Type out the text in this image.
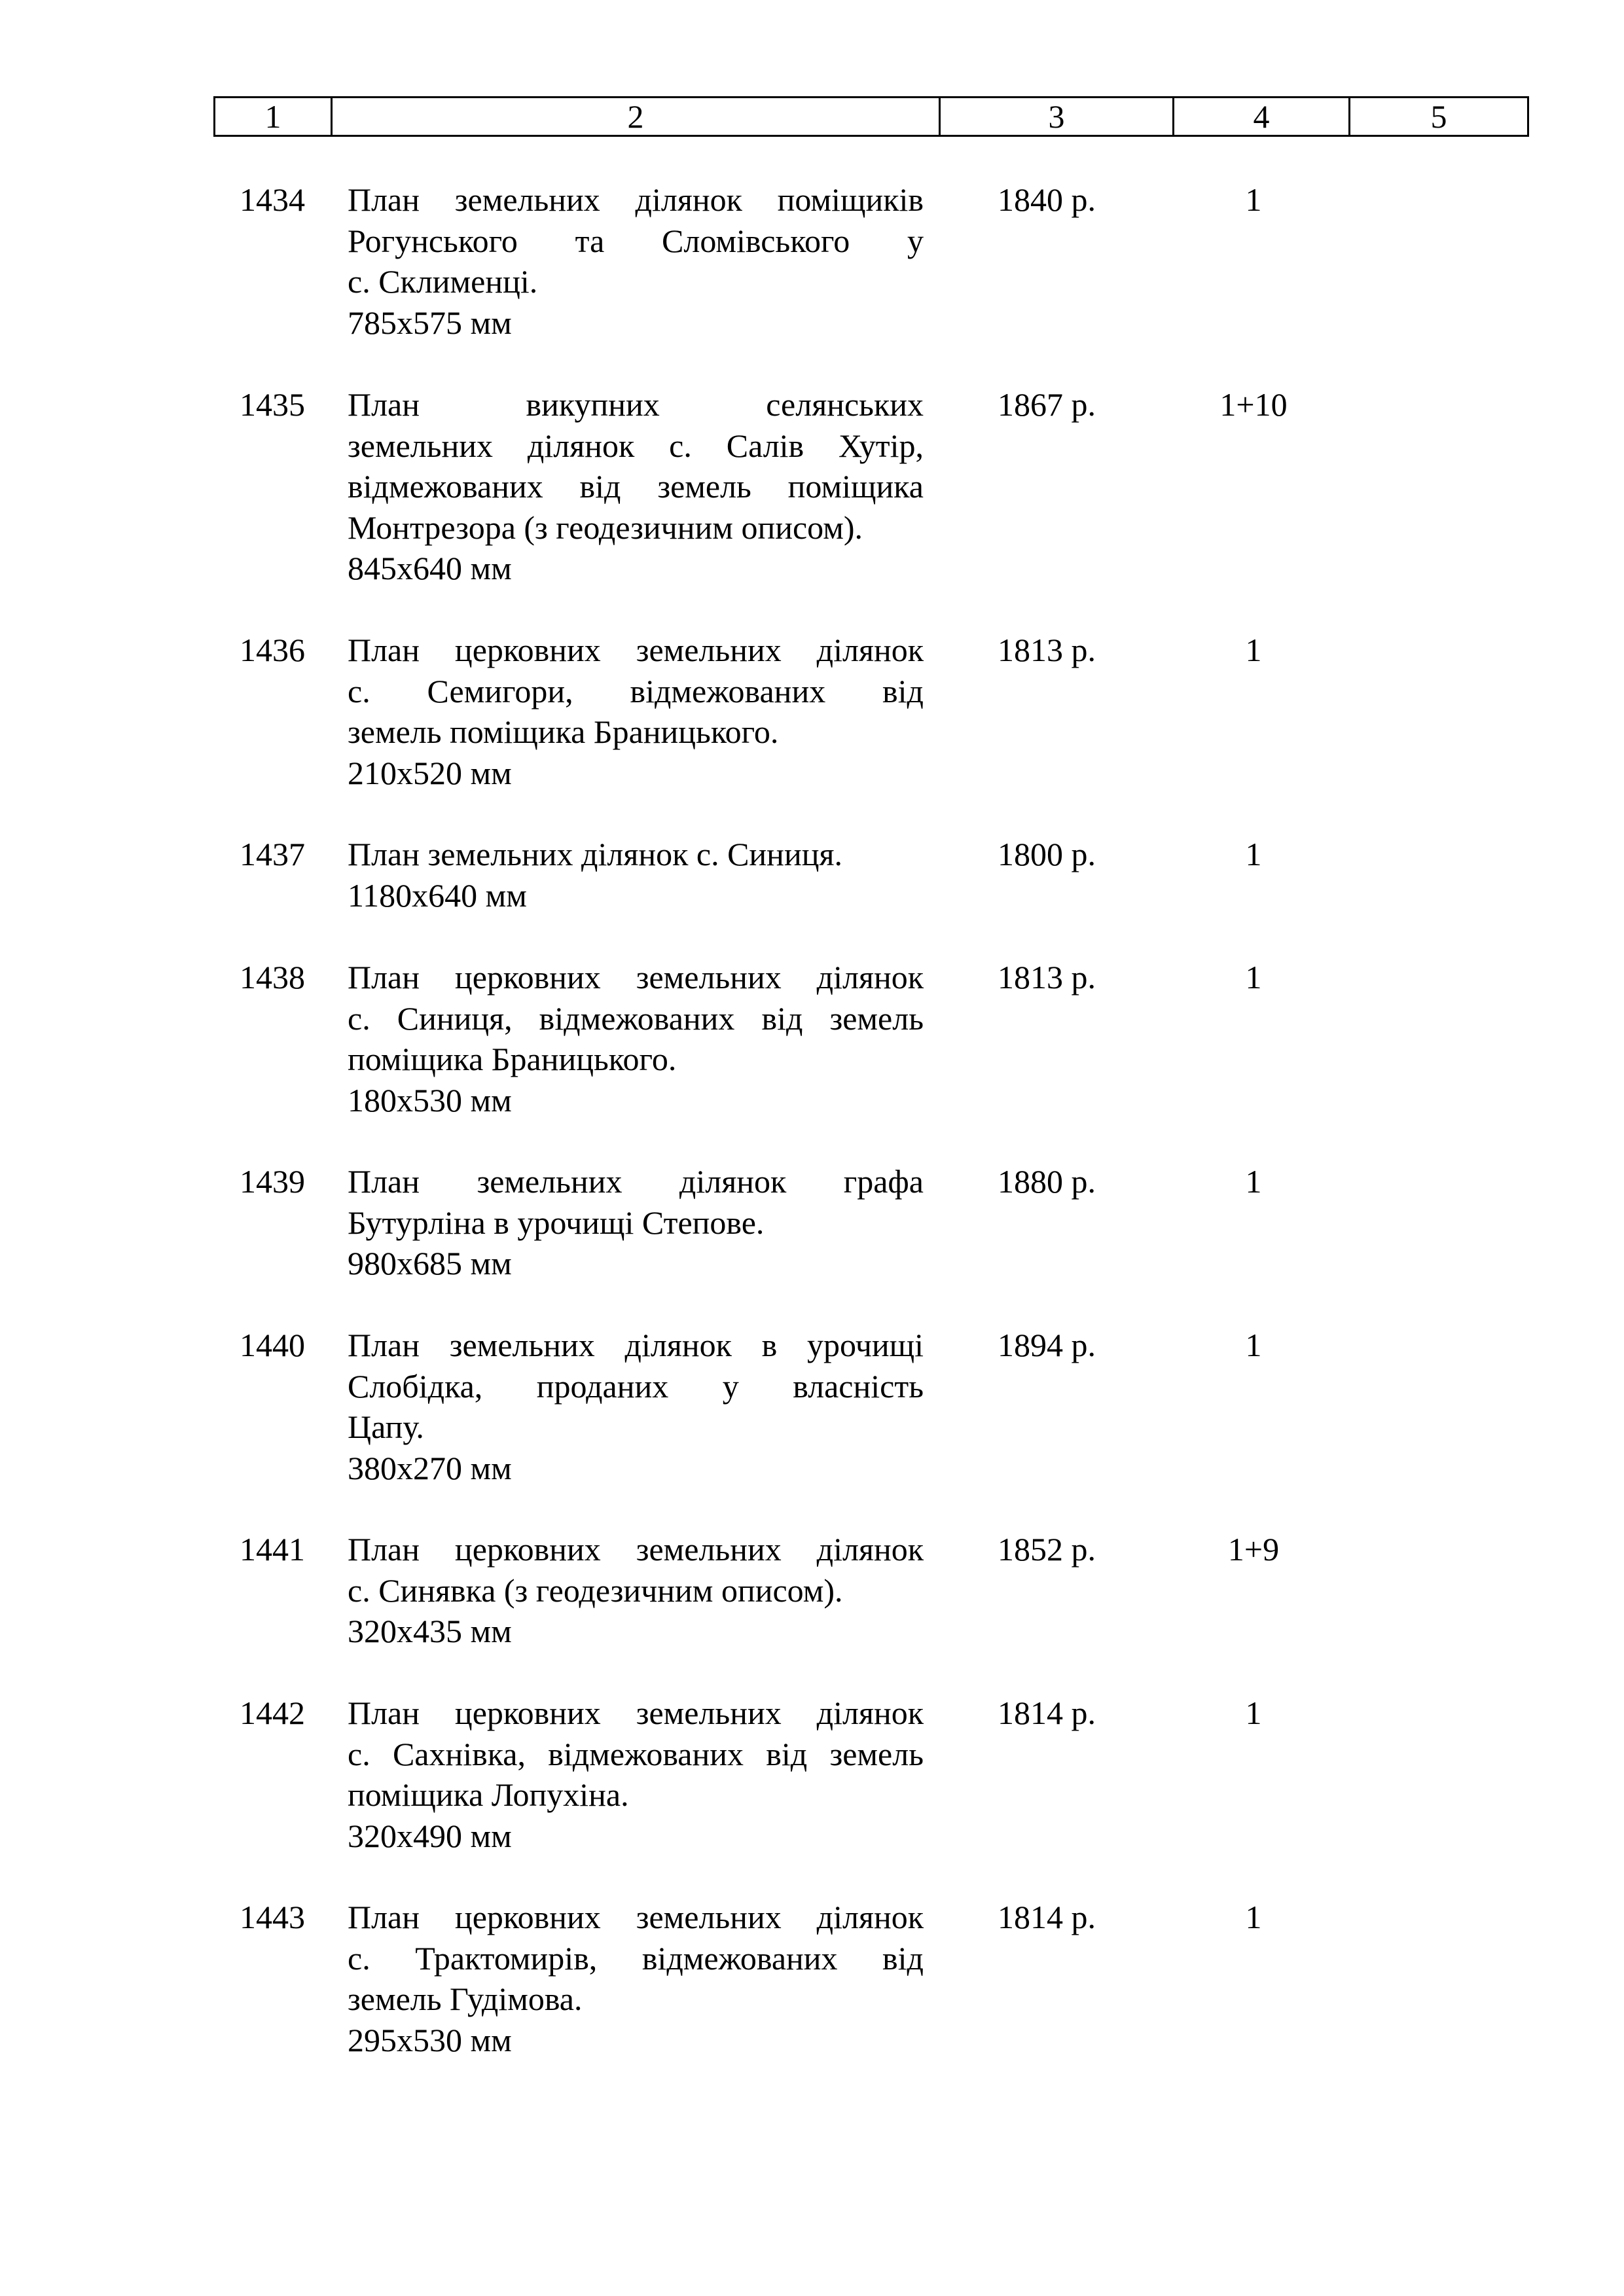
1	2	3	4	5
1434	План земельних ділянок поміщиків
Рогунського та Сломівського у
с. Склименці.
785х575 мм
1840 р.	1
1435	План викупних селянських
земельних ділянок с. Салів Хутір,
відмежованих від земель поміщика
Монтрезора (з геодезичним описом).
845х640 мм
1867 р.	1+10
1436	План церковних земельних ділянок
с. Семигори, відмежованих від
земель поміщика Браницького.
210х520 мм
1813 р.	1
1437	План земельних ділянок с. Синиця.
1180х640 мм
1800 р.	1
1438	План церковних земельних ділянок
с. Синиця, відмежованих від земель
поміщика Браницького.
180х530 мм
1813 р.	1
1439	План земельних ділянок графа
Бутурліна в урочищі Степове.
980х685 мм
1880 р.	1
1440	План земельних ділянок в урочищі
Слобідка, проданих у власність
Цапу.
380х270 мм
1894 р.	1
1441	План церковних земельних ділянок
с. Синявка (з геодезичним описом).
320х435 мм
1852 р.	1+9
1442	План церковних земельних ділянок
с. Сахнівка, відмежованих від земель
поміщика Лопухіна.
320х490 мм
1814 р.	1
1443	План церковних земельних ділянок
с. Трактомирів, відмежованих від
земель Гудімова.
295х530 мм
1814 р.	1
